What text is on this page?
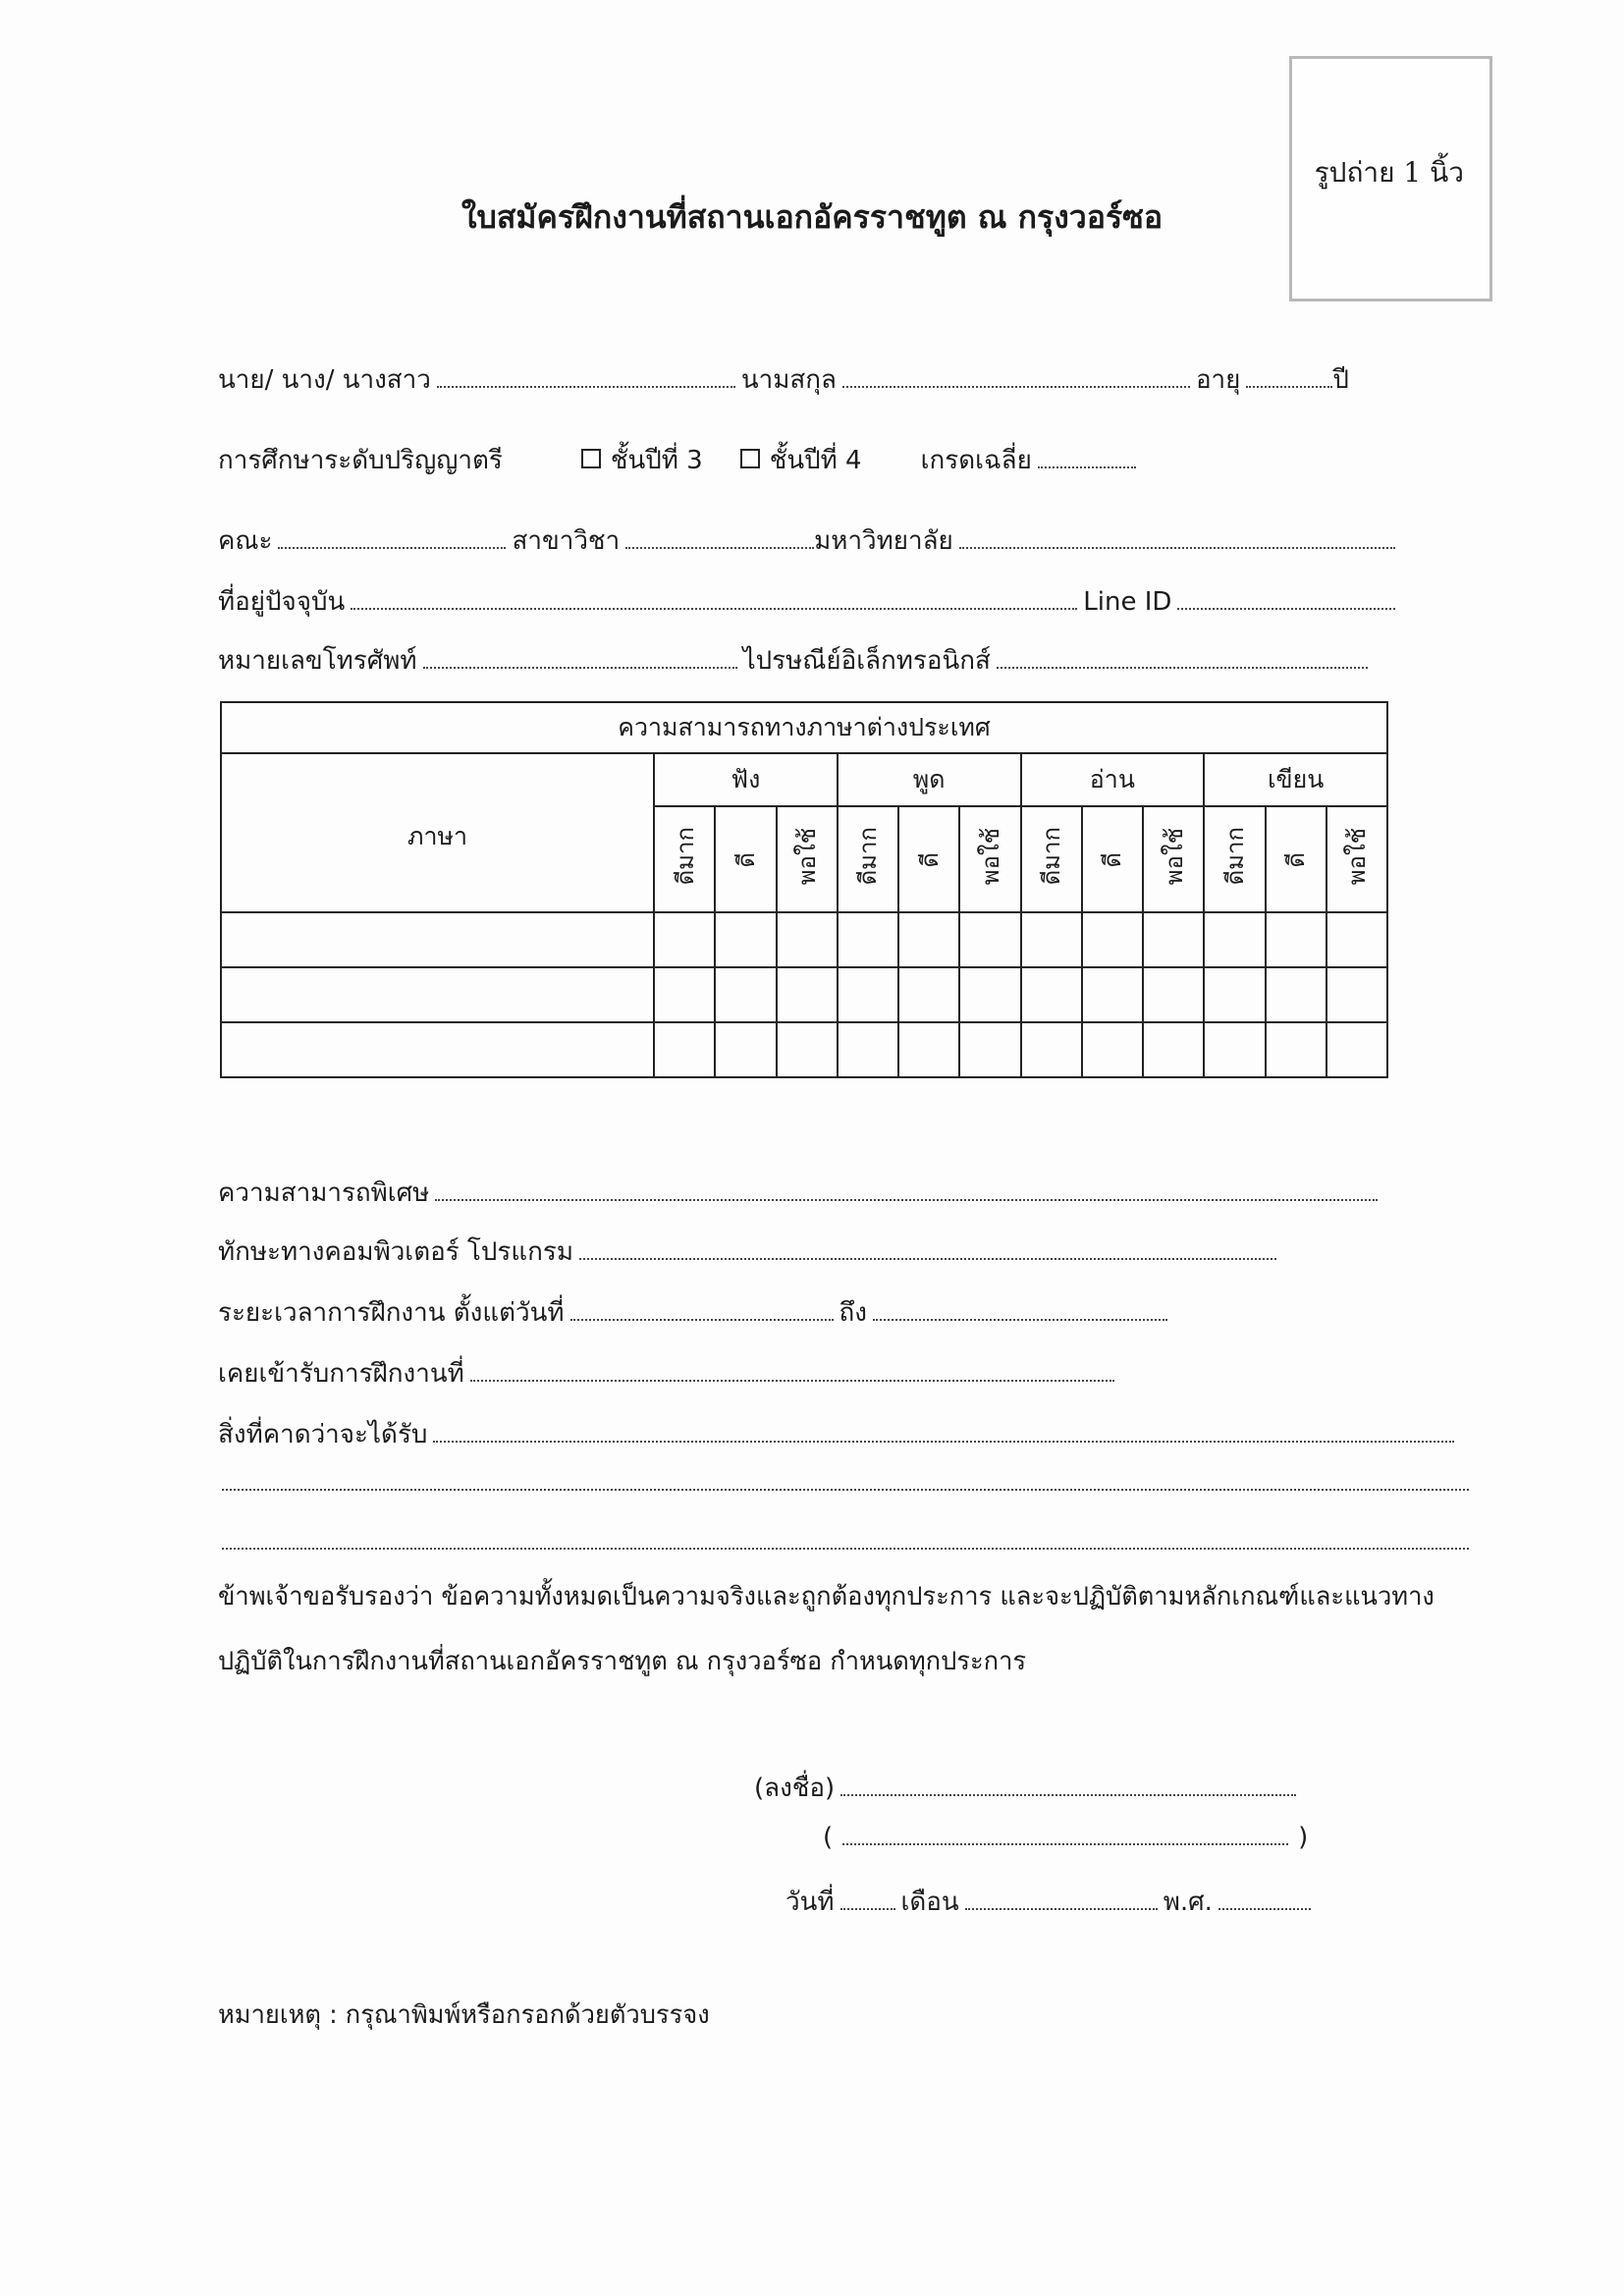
รูปถ่าย 1 นิ้ว
ใบสมัครฝึกงานที่สถานเอกอัครราชทูต ณ กรุงวอร์ซอ
นาย/ นาง/ นางสาว	นามสกุล	อายุ	ปี
การศึกษาระดับปริญญาตรี	ชั้นปีที่ 3	ชั้นปีที่ 4 เกรดเฉลี่ย
คณะ	สาขาวิชา	มหาวิทยาลัย
ที่อยู่ปัจจุบัน	Line ID
หมายเลขโทรศัพท์	ไปรษณีย์อิเล็กทรอนิกส์
ความสามารถทางภาษาต่างประเทศ												
ภาษา	ฟัง			พูด			อ่าน			เขียน		
	ดีมาก	ดี	พอใช้	ดีมาก	ดี	พอใช้	ดีมาก	ดี	พอใช้	ดีมาก	ดี	พอใช้

ความสามารถพิเศษ
ทักษะทางคอมพิวเตอร์ โปรแกรม
ระยะเวลาการฝึกงาน ตั้งแต่วันที่	ถึง
เคยเข้ารับการฝึกงานที่
สิ่งที่คาดว่าจะได้รับ
ข้าพเจ้าขอรับรองว่า ข้อความทั้งหมดเป็นความจริงและถูกต้องทุกประการ และจะปฏิบัติตามหลักเกณฑ์และแนวทาง
ปฏิบัติในการฝึกงานที่สถานเอกอัครราชทูต ณ กรุงวอร์ซอ กำหนดทุกประการ
(ลงชื่อ)
(	)
วันที่	เดือน	พ.ศ.
หมายเหตุ : กรุณาพิมพ์หรือกรอกด้วยตัวบรรจง
